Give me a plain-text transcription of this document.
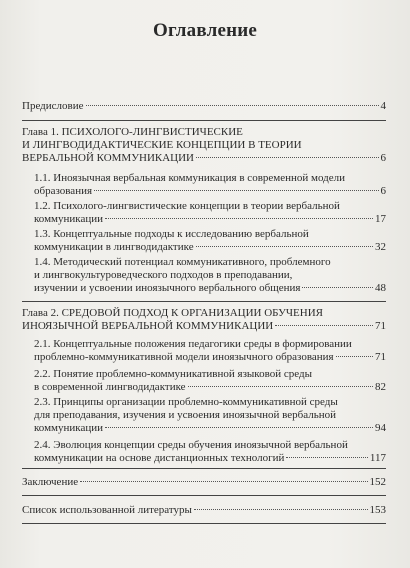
Оглавление
Предисловие	4
Глава 1. ПСИХОЛОГО-ЛИНГВИСТИЧЕСКИЕ
И ЛИНГВОДИДАКТИЧЕСКИЕ КОНЦЕПЦИИ В ТЕОРИИ
ВЕРБАЛЬНОЙ КОММУНИКАЦИИ	6
1.1. Иноязычная вербальная коммуникация в современной модели
образования	6
1.2. Психолого-лингвистические концепции в теории вербальной
коммуникации	17
1.3. Концептуальные подходы к исследованию вербальной
коммуникации в лингводидактике	32
1.4. Методический потенциал коммуникативного, проблемного
и лингвокультуроведческого подходов в преподавании,
изучении и усвоении иноязычного вербального общения	48
Глава 2. СРЕДОВОЙ ПОДХОД К ОРГАНИЗАЦИИ ОБУЧЕНИЯ
ИНОЯЗЫЧНОЙ ВЕРБАЛЬНОЙ КОММУНИКАЦИИ	71
2.1. Концептуальные положения педагогики среды в формировании
проблемно-коммуникативной модели иноязычного образования	71
2.2. Понятие проблемно-коммуникативной языковой среды
в современной лингводидактике	82
2.3. Принципы организации проблемно-коммуникативной среды
для преподавания, изучения и усвоения иноязычной вербальной
коммуникации	94
2.4. Эволюция концепции среды обучения иноязычной вербальной
коммуникации на основе дистанционных технологий	117
Заключение	152
Список использованной литературы	153
